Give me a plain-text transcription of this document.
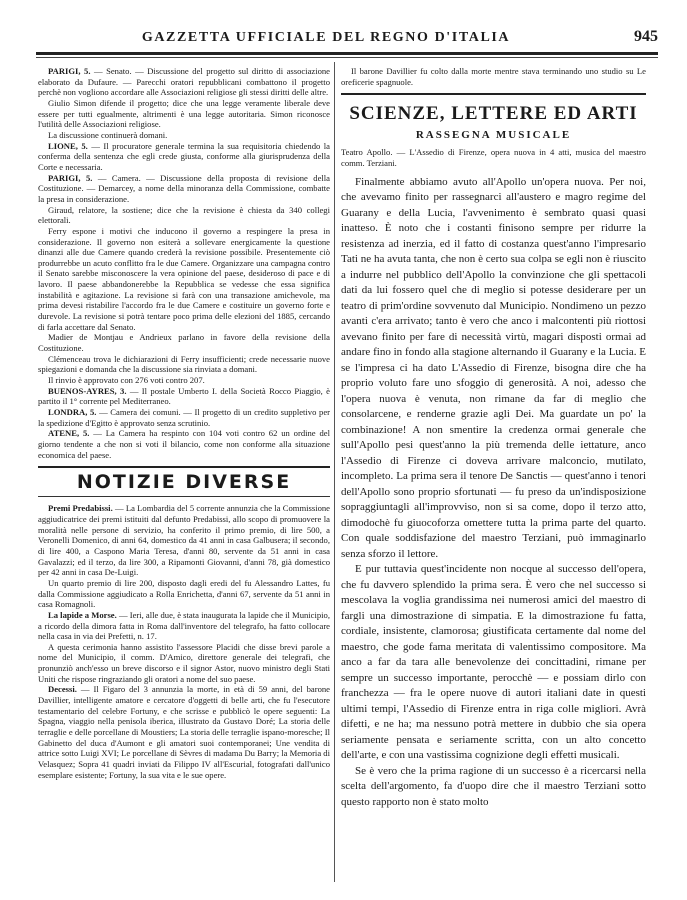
GAZZETTA UFFICIALE DEL REGNO D'ITALIA	945

PARIGI, 5. — Senato. — Discussione del progetto sul diritto di associazione elaborato da Dufaure. — Parecchi oratori repubblicani combattono il progetto perchè non vogliono accordare alle Associazioni religiose gli stessi diritti delle altre.

Giulio Simon difende il progetto; dice che una legge veramente liberale deve essere per tutti egualmente, altrimenti è una legge autoritaria. Simon riconosce l'utilità delle Associazioni religiose.

La discussione continuerà domani.

LIONE, 5. — Il procuratore generale termina la sua requisitoria chiedendo la conferma della sentenza che egli crede giusta, conforme alla giurisprudenza della Corte e necessaria.

PARIGI, 5. — Camera. — Discussione della proposta di revisione della Costituzione. — Demarcey, a nome della minoranza della Commissione, combatte la presa in considerazione.

Giraud, relatore, la sostiene; dice che la revisione è chiesta da 340 collegi elettorali.

Ferry espone i motivi che inducono il governo a respingere la presa in considerazione. Il governo non esiterà a sollevare energicamente la questione dinanzi alle due Camere quando crederà la revisione possibile. Presentemente ciò produrrebbe un acuto conflitto fra le due Camere. Organizzare una campagna contro il Senato sarebbe misconoscere la vera opinione del paese, desideroso di pace e di lavoro. Il paese abbandonerebbe la Repubblica se vedesse che essa significa instabilità e agitazione. La revisione si farà con una transazione amichevole, ma prima devesi ristabilire l'accordo fra le due Camere e costituire un governo forte e durevole. La revisione si potrà tentare poco prima delle elezioni del 1885, cercando di farla accettare dal Senato.

Madier de Montjau e Andrieux parlano in favore della revisione della Costituzione.

Clémenceau trova le dichiarazioni di Ferry insufficienti; crede necessarie nuove spiegazioni e domanda che la discussione sia rinviata a domani.

Il rinvio è approvato con 276 voti contro 207.

BUENOS-AYRES, 3. — Il postale Umberto I. della Società Rocco Piaggio, è partito il 1° corrente pel Mediterraneo.

LONDRA, 5. — Camera dei comuni. — Il progetto di un credito suppletivo per la spedizione d'Egitto è approvato senza scrutinio.

ATENE, 5. — La Camera ha respinto con 104 voti contro 62 un ordine del giorno tendente a che non si voti il bilancio, come non conforme alla situazione economica del paese.

NOTIZIE DIVERSE

Premi Predabissi. — La Lombardia del 5 corrente annunzia che la Commissione aggiudicatrice dei premi istituiti dal defunto Predabissi, allo scopo di promuovere la moralità nelle persone di servizio, ha conferito il primo premio, di lire 500, a Veronelli Domenico, di anni 64, domestico da 41 anni in casa Galbusera; il secondo, di lire 400, a Caspono Maria Teresa, d'anni 80, servente da 51 anni in casa Gavalazzi; ed il terzo, da lire 300, a Ripamonti Giovanni, d'anni 78, già domestico per 42 anni in casa De-Luigi.

Un quarto premio di lire 200, disposto dagli eredi del fu Alessandro Lattes, fu dalla Commissione aggiudicato a Rolla Enrichetta, d'anni 67, servente da 51 anni in casa Romagnoli.

La lapide a Morse. — Ieri, alle due, è stata inaugurata la lapide che il Municipio, a ricordo della dimora fatta in Roma dall'inventore del telegrafo, ha fatto collocare nella casa in via dei Prefetti, n. 17.

A questa cerimonia hanno assistito l'assessore Placidi che disse brevi parole a nome del Municipio, il comm. D'Amico, direttore generale dei telegrafi, che pronunziò anch'esso un breve discorso e il signor Astor, nuovo ministro degli Stati Uniti che rispose ringraziando gli oratori a nome del suo paese.

Decessi. — Il Figaro del 3 annunzia la morte, in età di 59 anni, del barone Davillier, intelligente amatore e cercatore d'oggetti di belle arti, che fu l'esecutore testamentario del celebre Fortuny, e che scrisse e pubblicò le opere seguenti: La Spagna, viaggio nella penisola iberica, illustrato da Gustavo Doré; La storia delle terraglie e delle porcellane di Moustiers; La storia delle terraglie ispano-moresche; Il Gabinetto del duca d'Aumont e gli amatori suoi contemporanei; Une vendita di attrice sotto Luigi XVI; Le porcellane di Sèvres di madama Du Barry; la Memoria di Velasquez; Sopra 41 quadri inviati da Filippo IV all'Escurial, fotografati dall'unico esemplare esistente; Fortuny, la sua vita e le sue opere.

Il barone Davillier fu colto dalla morte mentre stava terminando uno studio su Le oreficerie spagnuole.

SCIENZE, LETTERE ED ARTI
RASSEGNA MUSICALE
Teatro Apollo. — L'Assedio di Firenze, opera nuova in 4 atti, musica del maestro comm. Terziani.

Finalmente abbiamo avuto all'Apollo un'opera nuova. Per noi, che avevamo finito per rassegnarci all'austero e magro regime del Guarany e della Lucia, l'avvenimento è sembrato quasi quasi inatteso. È noto che i costanti finisono sempre per ridurre la resistenza ad inerzia, ed il fatto di costanza quest'anno l'impresario Tati ne ha avuta tanta, che non è certo sua colpa se egli non è riuscito a indurre nel pubblico dell'Apollo la convinzione che gli spettacoli dati da lui fossero quel che di meglio si potesse desiderare per un teatro di prim'ordine sovvenuto dal Municipio. Nondimeno un pezzo avanti c'era arrivato; tanto è vero che anco i malcontenti più riottosi avevano finito per fare di necessità virtù, magari disposti ormai ad andare fino in fondo alla stagione alternando il Guarany e la Lucia. E se l'impresa ci ha dato L'Assedio di Firenze, bisogna dire che ha proprio voluto fare uno sfoggio di generosità. A noi, adesso che l'opera nuova è venuta, non rimane da far di meglio che consolarcene, e renderne grazie agli Dei. Ma guardate un po' la combinazione! A non smentire la credenza ormai generale che sull'Apollo pesi quest'anno la più tremenda delle iettature, anco l'Assedio di Firenze ci doveva arrivare malconcio, mutilato, incompleto. La prima sera il tenore De Sanctis — quest'anno i tenori dell'Apollo sono proprio sfortunati — fu preso da un'indisposizione sopraggiuntagli all'improvviso, non si sa come, dopo il terzo atto, dimodochè fu giuocoforza omettere tutta la prima parte del quarto. Con quale soddisfazione del maestro Terziani, può immaginarlo senza sforzo il lettore.

E pur tuttavia quest'incidente non nocque al successo dell'opera, che fu davvero splendido la prima sera. È vero che nel successo si mescolava la voglia grandissima nei numerosi amici del maestro di fargli una dimostrazione di simpatia. E la dimostrazione fu fatta, cordiale, insistente, clamorosa; giustificata certamente dal nome del maestro, che gode fama meritata di valentissimo compositore. Ma anco a far da tara alle benevolenze dei concittadini, rimane per sempre un successo importante, perocchè — e possiam dirlo con franchezza — fra le opere nuove di autori italiani date in questi ultimi tempi, l'Assedio di Firenze entra in riga colle migliori. Avrà difetti, e ne ha; ma nessuno potrà mettere in dubbio che sia opera seriamente pensata e seriamente scritta, con un alto concetto dell'arte, e con una vastissima cognizione degli effetti musicali.

Se è vero che la prima ragione di un successo è a ricercarsi nella scelta dell'argomento, fa d'uopo dire che il maestro Terziani sotto questo rapporto non è stato molto
